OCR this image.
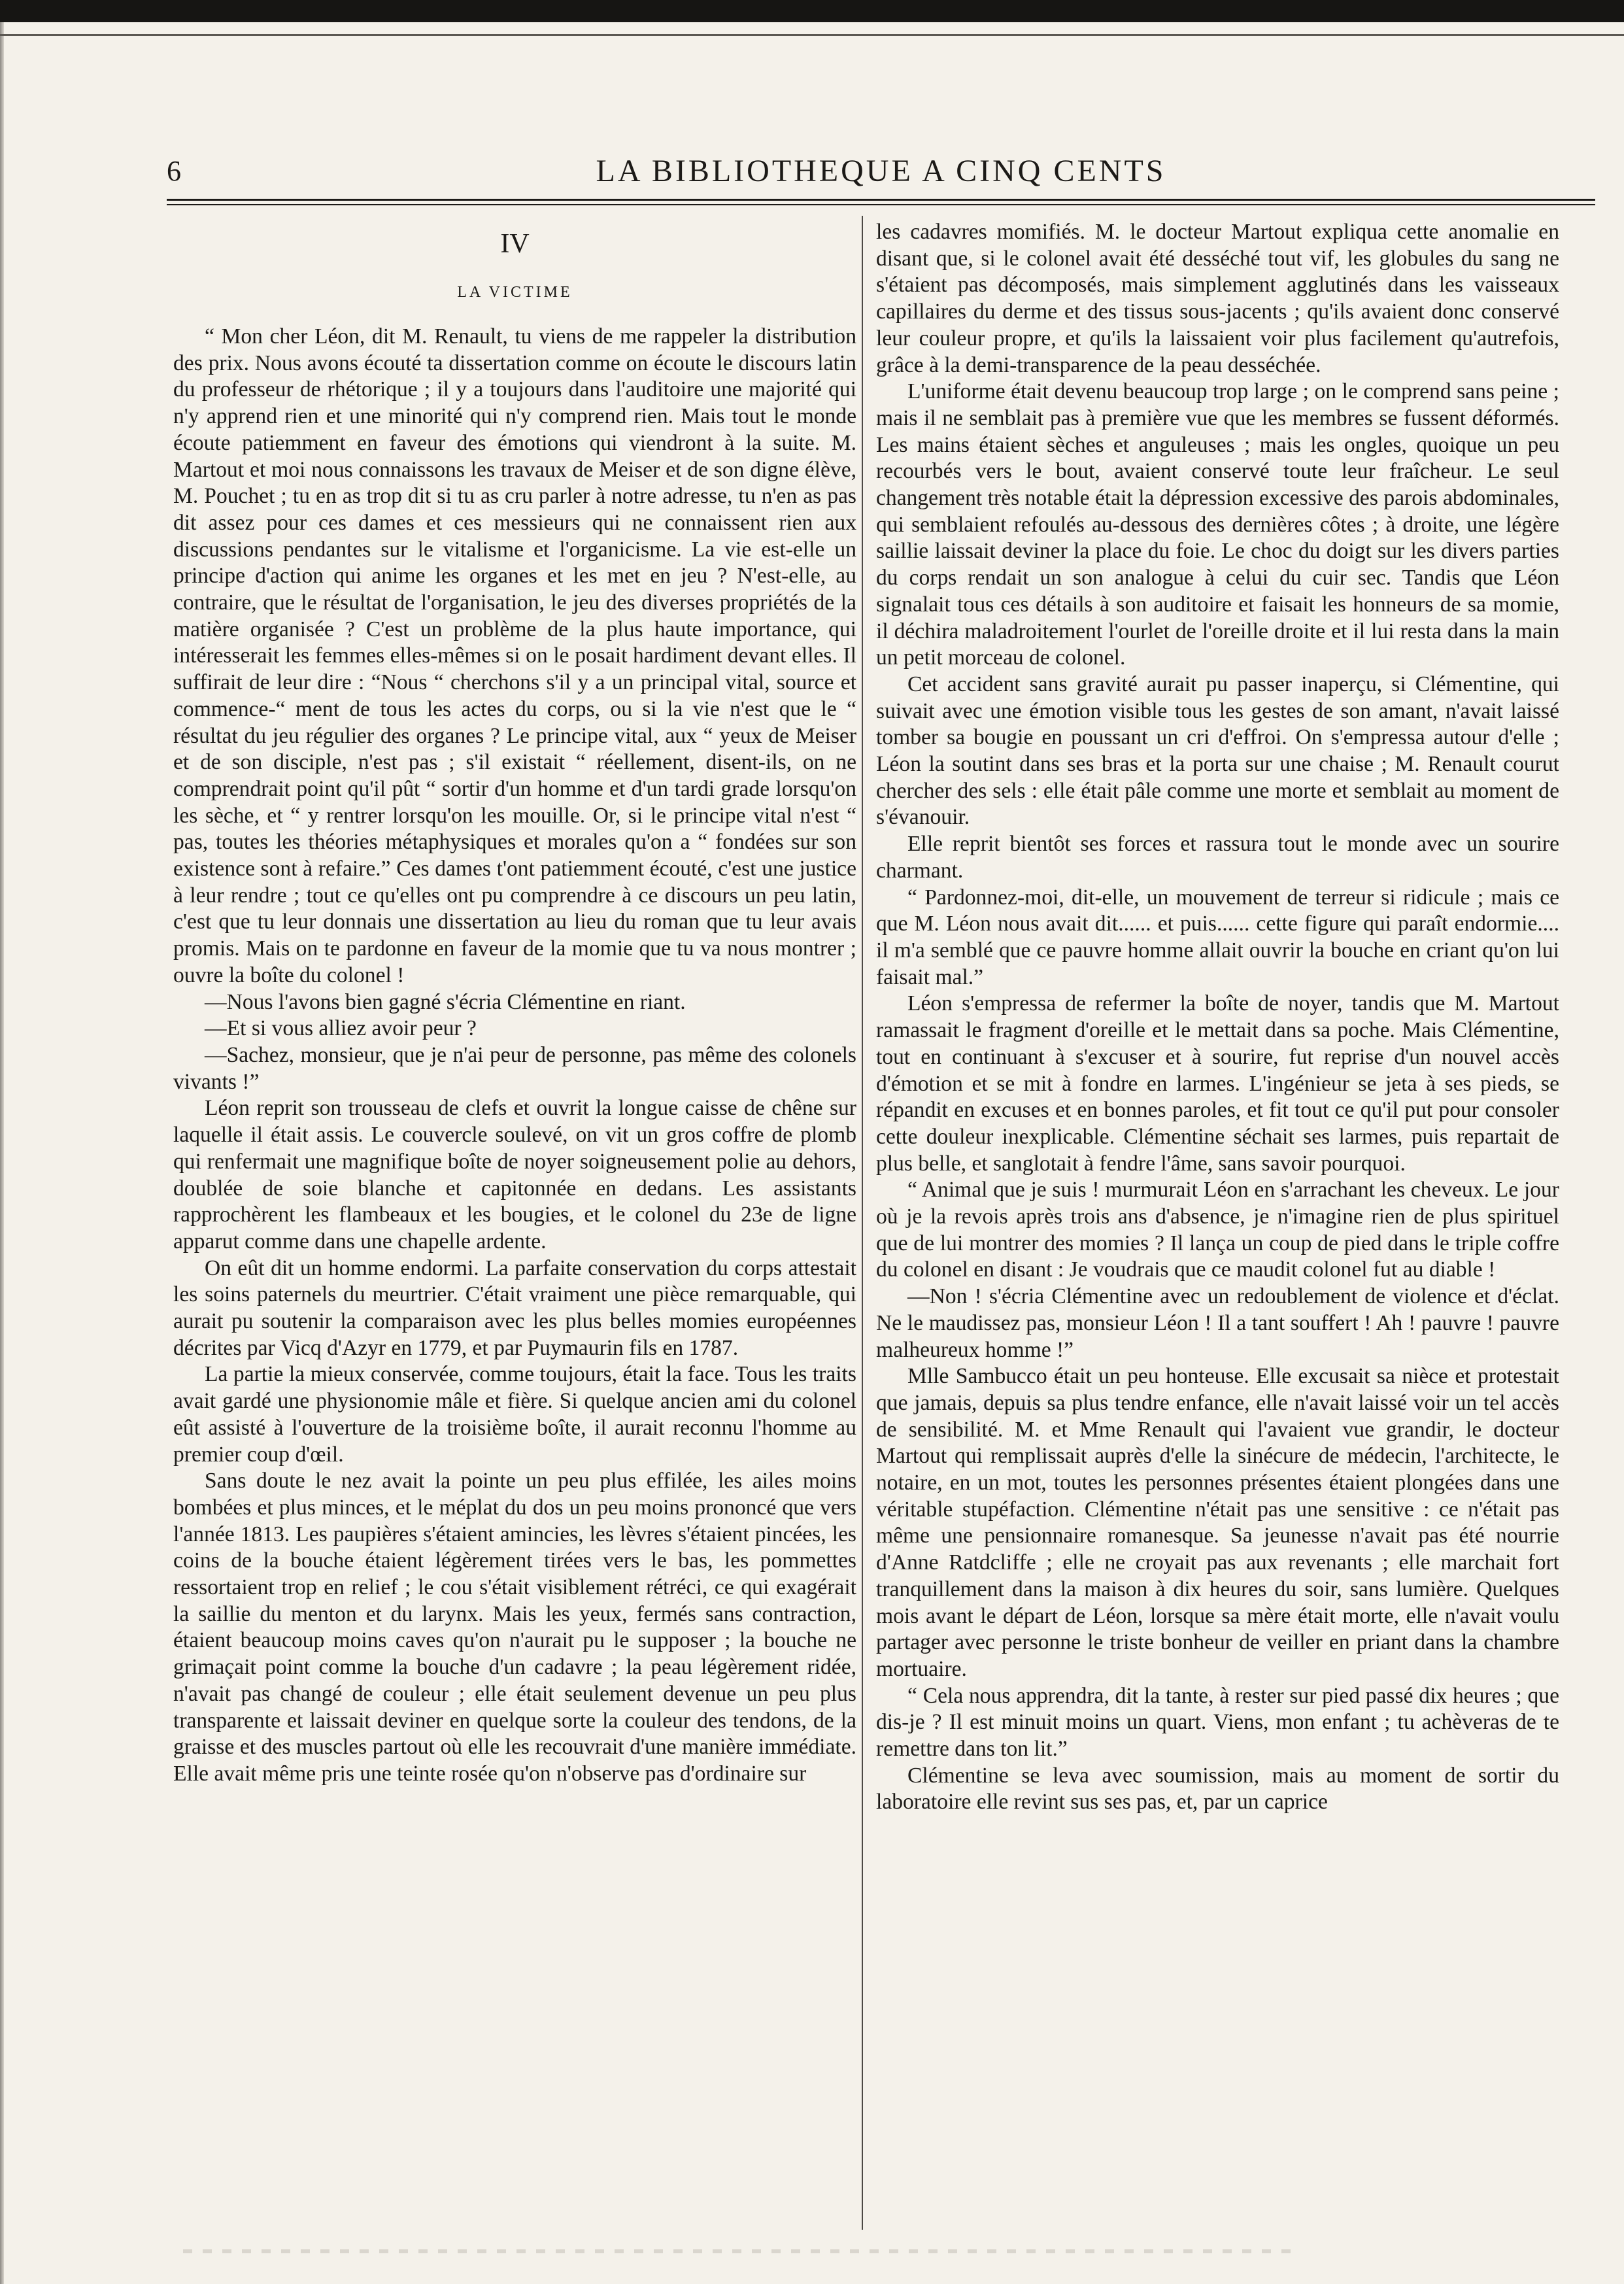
6	LA BIBLIOTHEQUE A CINQ CENTS
IV
LA VICTIME

“ Mon cher Léon, dit M. Renault, tu viens de me rappeler la distribution des prix. Nous avons écouté ta dissertation comme on écoute le discours latin du professeur de rhétorique ; il y a toujours dans l'auditoire une majorité qui n'y apprend rien et une minorité qui n'y comprend rien. Mais tout le monde écoute patiemment en faveur des émotions qui viendront à la suite. M. Martout et moi nous connaissons les travaux de Meiser et de son digne élève, M. Pouchet ; tu en as trop dit si tu as cru parler à notre adresse, tu n'en as pas dit assez pour ces dames et ces messieurs qui ne connaissent rien aux discussions pendantes sur le vitalisme et l'organicisme. La vie est-elle un principe d'action qui anime les organes et les met en jeu ? N'est-elle, au contraire, que le résultat de l'organisation, le jeu des diverses propriétés de la matière organisée ? C'est un problème de la plus haute importance, qui intéresserait les femmes elles-mêmes si on le posait hardiment devant elles. Il suffirait de leur dire : “Nous “ cherchons s'il y a un principal vital, source et commence-“ ment de tous les actes du corps, ou si la vie n'est que le “ résultat du jeu régulier des organes ? Le principe vital, aux “ yeux de Meiser et de son disciple, n'est pas ; s'il existait “ réellement, disent-ils, on ne comprendrait point qu'il pût “ sortir d'un homme et d'un tardi grade lorsqu'on les sèche, et “ y rentrer lorsqu'on les mouille. Or, si le principe vital n'est “ pas, toutes les théories métaphysiques et morales qu'on a “ fondées sur son existence sont à refaire.” Ces dames t'ont patiemment écouté, c'est une justice à leur rendre ; tout ce qu'elles ont pu comprendre à ce discours un peu latin, c'est que tu leur donnais une dissertation au lieu du roman que tu leur avais promis. Mais on te pardonne en faveur de la momie que tu va nous montrer ; ouvre la boîte du colonel !

—Nous l'avons bien gagné s'écria Clémentine en riant.

—Et si vous alliez avoir peur ?

—Sachez, monsieur, que je n'ai peur de personne, pas même des colonels vivants !”

Léon reprit son trousseau de clefs et ouvrit la longue caisse de chêne sur laquelle il était assis. Le couvercle soulevé, on vit un gros coffre de plomb qui renfermait une magnifique boîte de noyer soigneusement polie au dehors, doublée de soie blanche et capitonnée en dedans. Les assistants rapprochèrent les flambeaux et les bougies, et le colonel du 23e de ligne apparut comme dans une chapelle ardente.

On eût dit un homme endormi. La parfaite conservation du corps attestait les soins paternels du meurtrier. C'était vraiment une pièce remarquable, qui aurait pu soutenir la comparaison avec les plus belles momies européennes décrites par Vicq d'Azyr en 1779, et par Puymaurin fils en 1787.

La partie la mieux conservée, comme toujours, était la face. Tous les traits avait gardé une physionomie mâle et fière. Si quelque ancien ami du colonel eût assisté à l'ouverture de la troisième boîte, il aurait reconnu l'homme au premier coup d'œil.

Sans doute le nez avait la pointe un peu plus effilée, les ailes moins bombées et plus minces, et le méplat du dos un peu moins prononcé que vers l'année 1813. Les paupières s'étaient amincies, les lèvres s'étaient pincées, les coins de la bouche étaient légèrement tirées vers le bas, les pommettes ressortaient trop en relief ; le cou s'était visiblement rétréci, ce qui exagérait la saillie du menton et du larynx. Mais les yeux, fermés sans contraction, étaient beaucoup moins caves qu'on n'aurait pu le supposer ; la bouche ne grimaçait point comme la bouche d'un cadavre ; la peau légèrement ridée, n'avait pas changé de couleur ; elle était seulement devenue un peu plus transparente et laissait deviner en quelque sorte la couleur des tendons, de la graisse et des muscles partout où elle les recouvrait d'une manière immédiate. Elle avait même pris une teinte rosée qu'on n'observe pas d'ordinaire sur

les cadavres momifiés. M. le docteur Martout expliqua cette anomalie en disant que, si le colonel avait été desséché tout vif, les globules du sang ne s'étaient pas décomposés, mais simplement agglutinés dans les vaisseaux capillaires du derme et des tissus sous-jacents ; qu'ils avaient donc conservé leur couleur propre, et qu'ils la laissaient voir plus facilement qu'autrefois, grâce à la demi-transparence de la peau desséchée.

L'uniforme était devenu beaucoup trop large ; on le comprend sans peine ; mais il ne semblait pas à première vue que les membres se fussent déformés. Les mains étaient sèches et anguleuses ; mais les ongles, quoique un peu recourbés vers le bout, avaient conservé toute leur fraîcheur. Le seul changement très notable était la dépression excessive des parois abdominales, qui semblaient refoulés au-dessous des dernières côtes ; à droite, une légère saillie laissait deviner la place du foie. Le choc du doigt sur les divers parties du corps rendait un son analogue à celui du cuir sec. Tandis que Léon signalait tous ces détails à son auditoire et faisait les honneurs de sa momie, il déchira maladroitement l'ourlet de l'oreille droite et il lui resta dans la main un petit morceau de colonel.

Cet accident sans gravité aurait pu passer inaperçu, si Clémentine, qui suivait avec une émotion visible tous les gestes de son amant, n'avait laissé tomber sa bougie en poussant un cri d'effroi. On s'empressa autour d'elle ; Léon la soutint dans ses bras et la porta sur une chaise ; M. Renault courut chercher des sels : elle était pâle comme une morte et semblait au moment de s'évanouir.

Elle reprit bientôt ses forces et rassura tout le monde avec un sourire charmant.

“ Pardonnez-moi, dit-elle, un mouvement de terreur si ridicule ; mais ce que M. Léon nous avait dit...... et puis...... cette figure qui paraît endormie.... il m'a semblé que ce pauvre homme allait ouvrir la bouche en criant qu'on lui faisait mal.”

Léon s'empressa de refermer la boîte de noyer, tandis que M. Martout ramassait le fragment d'oreille et le mettait dans sa poche. Mais Clémentine, tout en continuant à s'excuser et à sourire, fut reprise d'un nouvel accès d'émotion et se mit à fondre en larmes. L'ingénieur se jeta à ses pieds, se répandit en excuses et en bonnes paroles, et fit tout ce qu'il put pour consoler cette douleur inexplicable. Clémentine séchait ses larmes, puis repartait de plus belle, et sanglotait à fendre l'âme, sans savoir pourquoi.

“ Animal que je suis ! murmurait Léon en s'arrachant les cheveux. Le jour où je la revois après trois ans d'absence, je n'imagine rien de plus spirituel que de lui montrer des momies ? Il lança un coup de pied dans le triple coffre du colonel en disant : Je voudrais que ce maudit colonel fut au diable !

—Non ! s'écria Clémentine avec un redoublement de violence et d'éclat. Ne le maudissez pas, monsieur Léon ! Il a tant souffert ! Ah ! pauvre ! pauvre malheureux homme !”

Mlle Sambucco était un peu honteuse. Elle excusait sa nièce et protestait que jamais, depuis sa plus tendre enfance, elle n'avait laissé voir un tel accès de sensibilité. M. et Mme Renault qui l'avaient vue grandir, le docteur Martout qui remplissait auprès d'elle la sinécure de médecin, l'architecte, le notaire, en un mot, toutes les personnes présentes étaient plongées dans une véritable stupéfaction. Clémentine n'était pas une sensitive : ce n'était pas même une pensionnaire romanesque. Sa jeunesse n'avait pas été nourrie d'Anne Ratdcliffe ; elle ne croyait pas aux revenants ; elle marchait fort tranquillement dans la maison à dix heures du soir, sans lumière. Quelques mois avant le départ de Léon, lorsque sa mère était morte, elle n'avait voulu partager avec personne le triste bonheur de veiller en priant dans la chambre mortuaire.

“ Cela nous apprendra, dit la tante, à rester sur pied passé dix heures ; que dis-je ? Il est minuit moins un quart. Viens, mon enfant ; tu achèveras de te remettre dans ton lit.”

Clémentine se leva avec soumission, mais au moment de sortir du laboratoire elle revint sus ses pas, et, par un caprice
